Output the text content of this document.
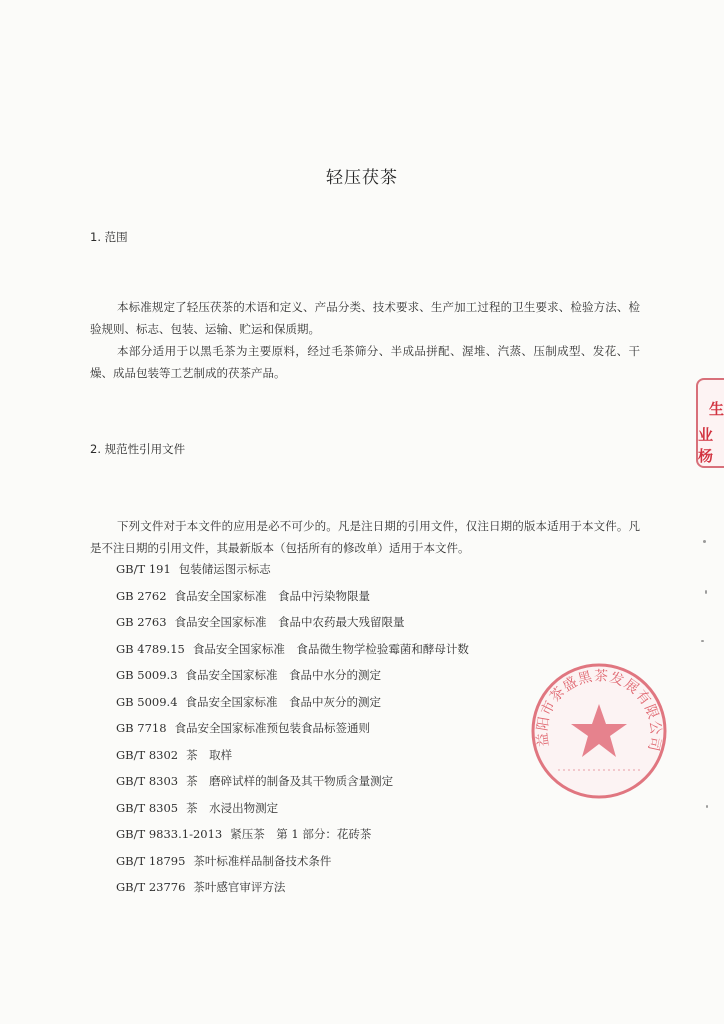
轻压茯茶
1. 范围

本标准规定了轻压茯茶的术语和定义、产品分类、技术要求、生产加工过程的卫生要求、检验方法、检验规则、标志、包装、运输、贮运和保质期。

本部分适用于以黑毛茶为主要原料，经过毛茶筛分、半成品拼配、渥堆、汽蒸、压制成型、发花、干燥、成品包装等工艺制成的茯茶产品。

2. 规范性引用文件

下列文件对于本文件的应用是必不可少的。凡是注日期的引用文件，仅注日期的版本适用于本文件。凡是不注日期的引用文件，其最新版本（包括所有的修改单）适用于本文件。

GB/T 191 包装储运图示标志
GB 2762 食品安全国家标准　食品中污染物限量
GB 2763 食品安全国家标准　食品中农药最大残留限量
GB 4789.15 食品安全国家标准　食品微生物学检验霉菌和酵母计数
GB 5009.3 食品安全国家标准　食品中水分的测定
GB 5009.4 食品安全国家标准　食品中灰分的测定
GB 7718 食品安全国家标准预包装食品标签通则
GB/T 8302 茶　取样
GB/T 8303 茶　磨碎试样的制备及其干物质含量测定
GB/T 8305 茶　水浸出物测定
GB/T 9833.1-2013 紧压茶　第 1 部分：花砖茶
GB/T 18795 茶叶标准样品制备技术条件
GB/T 23776 茶叶感官审评方法
生
业杨
益阳市茶盛黑茶发展有限公司
